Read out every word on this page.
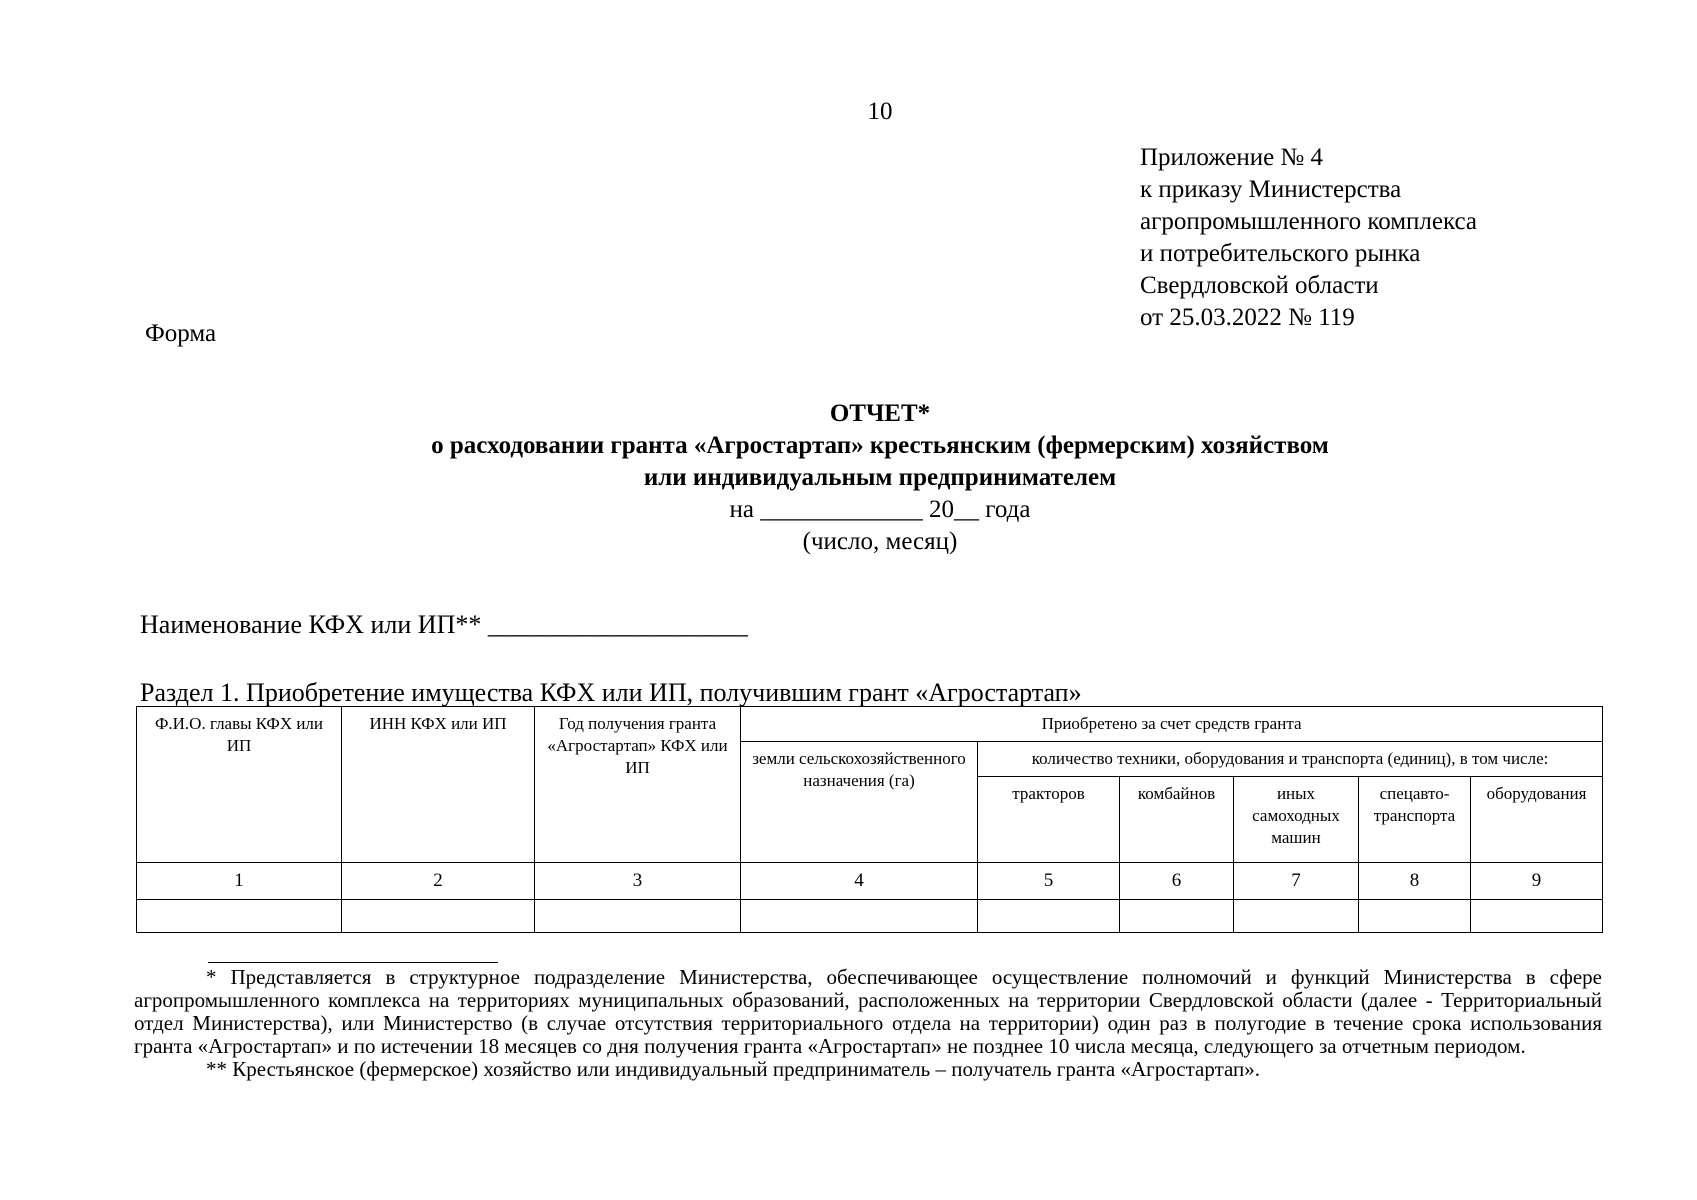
10
Приложение № 4
к приказу Министерства
агропромышленного комплекса
и потребительского рынка
Свердловской области
от 25.03.2022 № 119
Форма
ОТЧЕТ*
о расходовании гранта «Агростартап» крестьянским (фермерским) хозяйством
или индивидуальным предпринимателем
на _____________ 20__ года
(число, месяц)
Наименование КФХ или ИП** ____________________
Раздел 1. Приобретение имущества КФХ или ИП, получившим грант «Агростартап»
Ф.И.О. главы КФХ или ИП	ИНН КФХ или ИП	Год получения гранта «Агростартап» КФХ или ИП	Приобретено за счет средств гранта					
			земли сельскохозяйственного назначения (га)	количество техники, оборудования и транспорта (единиц), в том числе:				
				тракторов	комбайнов	иных самоходных машин	спецавто-транспорта	оборудования
1	2	3	4	5	6	7	8	9

* Представляется в структурное подразделение Министерства, обеспечивающее осуществление полномочий и функций Министерства в сфере агропромышленного комплекса на территориях муниципальных образований, расположенных на территории Свердловской области (далее - Территориальный отдел Министерства), или Министерство (в случае отсутствия территориального отдела на территории) один раз в полугодие в течение срока использования гранта «Агростартап» и по истечении 18 месяцев со дня получения гранта «Агростартап» не позднее 10 числа месяца, следующего за отчетным периодом.

** Крестьянское (фермерское) хозяйство или индивидуальный предприниматель – получатель гранта «Агростартап».
